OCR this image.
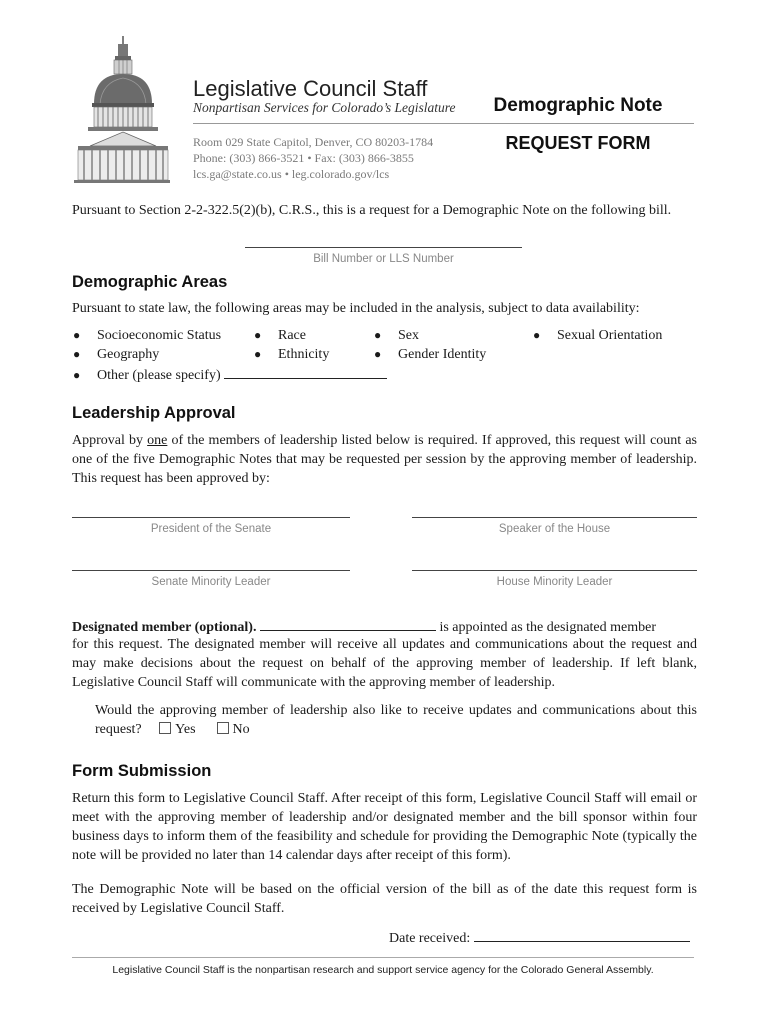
Legislative Council Staff
Nonpartisan Services for Colorado’s Legislature
Room 029 State Capitol, Denver, CO 80203-1784
Phone: (303) 866-3521 • Fax: (303) 866-3855
lcs.ga@state.co.us • leg.colorado.gov/lcs
Demographic Note
REQUEST FORM
Pursuant to Section 2-2-322.5(2)(b), C.R.S., this is a request for a Demographic Note on the following bill.
Bill Number or LLS Number
Demographic Areas
Pursuant to state law, the following areas may be included in the analysis, subject to data availability:
● Socioeconomic Status
● Geography
● Other (please specify)
● Race
● Ethnicity
● Sex
● Gender Identity
● Sexual Orientation
Leadership Approval
Approval by one of the members of leadership listed below is required. If approved, this request will count as one of the five Demographic Notes that may be requested per session by the approving member of leadership. This request has been approved by:
President of the Senate	Speaker of the House
Senate Minority Leader	House Minority Leader
Designated member (optional).	is appointed as the designated member
for this request. The designated member will receive all updates and communications about the request and may make decisions about the request on behalf of the approving member of leadership. If left blank, Legislative Council Staff will communicate with the approving member of leadership.
Would the approving member of leadership also like to receive updates and communications about this request? Yes	No
Form Submission
Return this form to Legislative Council Staff. After receipt of this form, Legislative Council Staff will email or meet with the approving member of leadership and/or designated member and the bill sponsor within four business days to inform them of the feasibility and schedule for providing the Demographic Note (typically the note will be provided no later than 14 calendar days after receipt of this form).
The Demographic Note will be based on the official version of the bill as of the date this request form is received by Legislative Council Staff.
Date received:
Legislative Council Staff is the nonpartisan research and support service agency for the Colorado General Assembly.
